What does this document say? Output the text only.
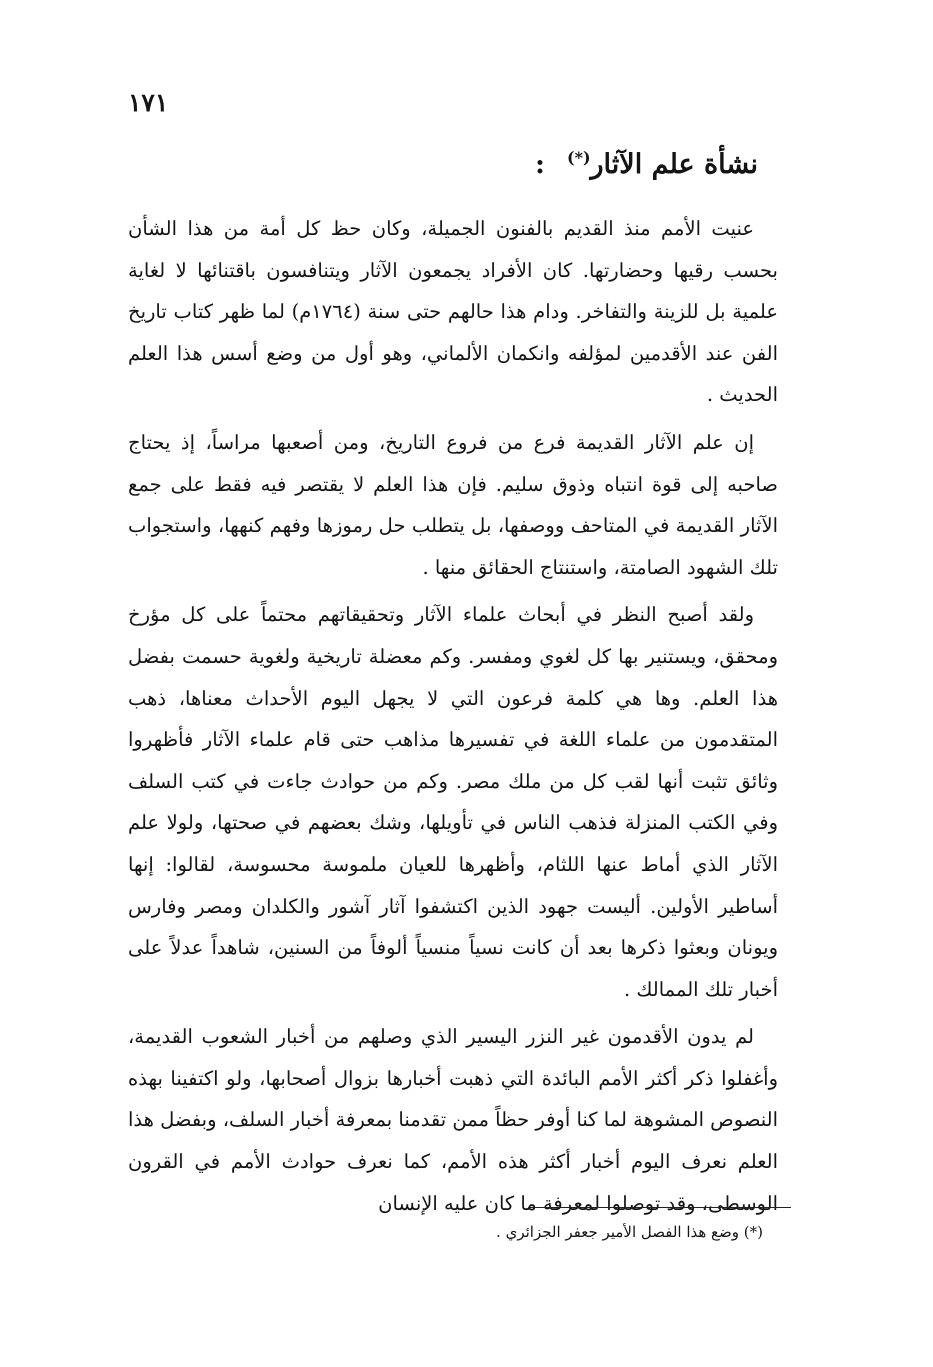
١٧١
نشأة علم الآثار(*):

عنيت الأمم منذ القديم بالفنون الجميلة، وكان حظ كل أمة من هذا الشأن بحسب رقيها وحضارتها. كان الأفراد يجمعون الآثار ويتنافسون باقتنائها لا لغاية علمية بل للزينة والتفاخر. ودام هذا حالهم حتى سنة (١٧٦٤م) لما ظهر كتاب تاريخ الفن عند الأقدمين لمؤلفه وانكمان الألماني، وهو أول من وضع أسس هذا العلم الحديث .

إن علم الآثار القديمة فرع من فروع التاريخ، ومن أصعبها مراساً، إذ يحتاج صاحبه إلى قوة انتباه وذوق سليم. فإن هذا العلم لا يقتصر فيه فقط على جمع الآثار القديمة في المتاحف ووصفها، بل يتطلب حل رموزها وفهم كنهها، واستجواب تلك الشهود الصامتة، واستنتاج الحقائق منها .

ولقد أصبح النظر في أبحاث علماء الآثار وتحقيقاتهم محتماً على كل مؤرخ ومحقق، ويستنير بها كل لغوي ومفسر. وكم معضلة تاريخية ولغوية حسمت بفضل هذا العلم. وها هي كلمة فرعون التي لا يجهل اليوم الأحداث معناها، ذهب المتقدمون من علماء اللغة في تفسيرها مذاهب حتى قام علماء الآثار فأظهروا وثائق تثبت أنها لقب كل من ملك مصر. وكم من حوادث جاءت في كتب السلف وفي الكتب المنزلة فذهب الناس في تأويلها، وشك بعضهم في صحتها، ولولا علم الآثار الذي أماط عنها اللثام، وأظهرها للعيان ملموسة محسوسة، لقالوا: إنها أساطير الأولين. أليست جهود الذين اكتشفوا آثار آشور والكلدان ومصر وفارس ويونان وبعثوا ذكرها بعد أن كانت نسياً منسياً ألوفاً من السنين، شاهداً عدلاً على أخبار تلك الممالك .

لم يدون الأقدمون غير النزر اليسير الذي وصلهم من أخبار الشعوب القديمة، وأغفلوا ذكر أكثر الأمم البائدة التي ذهبت أخبارها بزوال أصحابها، ولو اكتفينا بهذه النصوص المشوهة لما كنا أوفر حظاً ممن تقدمنا بمعرفة أخبار السلف، وبفضل هذا العلم نعرف اليوم أخبار أكثر هذه الأمم، كما نعرف حوادث الأمم في القرون الوسطى، وقد توصلوا لمعرفة ما كان عليه الإنسان

(*) وضع هذا الفصل الأمير جعفر الجزائري .
